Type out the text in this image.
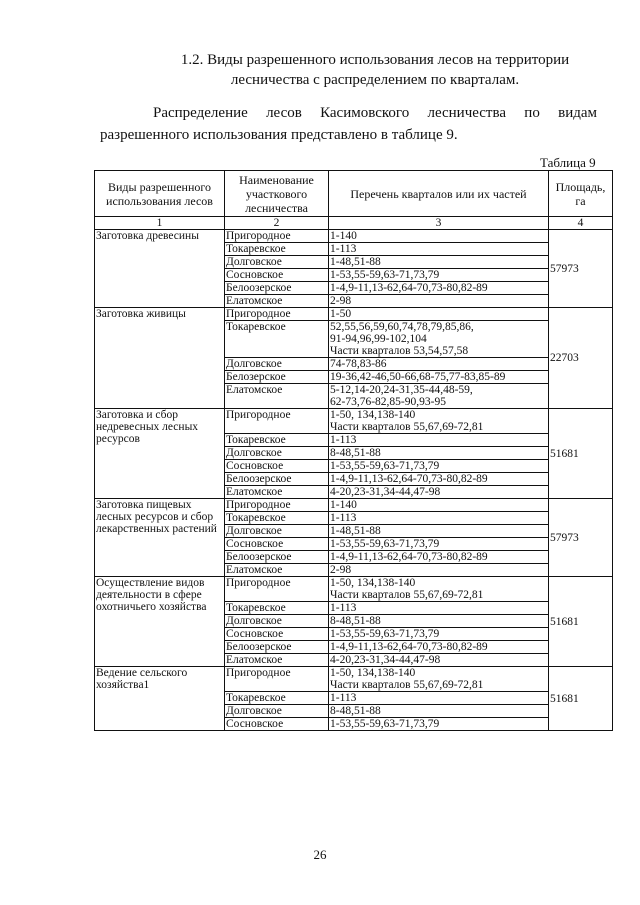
1.2. Виды разрешенного использования лесов на территории
лесничества с распределением по кварталам.
Распределение лесов Касимовского лесничества по видам
разрешенного использования представлено в таблице 9.
Таблица 9
Виды разрешенного использования лесов	Наименование участкового лесничества	Перечень кварталов или их частей	Площадь, га
1	2	3	4
Заготовка древесины	Пригородное	1-140	57973
	Токаревское	1-113	

	Долговское	1-48,51-88	

	Сосновское	1-53,55-59,63-71,73,79	

	Белоозерское	1-4,9-11,13-62,64-70,73-80,82-89	

	Елатомское	2-98	

Заготовка живицы	Пригородное	1-50	22703
	Токаревское	52,55,56,59,60,74,78,79,85,86,
91-94,96,99-102,104
Части кварталов 53,54,57,58	

	Долговское	74-78,83-86	

	Белозерское	19-36,42-46,50-66,68-75,77-83,85-89	

	Елатомское	5-12,14-20,24-31,35-44,48-59,
62-73,76-82,85-90,93-95	

Заготовка и сбор недревесных лесных ресурсов	Пригородное	1-50, 134,138-140
Части кварталов 55,67,69-72,81	51681
	Токаревское	1-113	

	Долговское	8-48,51-88	

	Сосновское	1-53,55-59,63-71,73,79	

	Белоозерское	1-4,9-11,13-62,64-70,73-80,82-89	

	Елатомское	4-20,23-31,34-44,47-98	

Заготовка пищевых лесных ресурсов и сбор лекарственных растений	Пригородное	1-140	57973
	Токаревское	1-113	

	Долговское	1-48,51-88	

	Сосновское	1-53,55-59,63-71,73,79	

	Белоозерское	1-4,9-11,13-62,64-70,73-80,82-89	

	Елатомское	2-98	

Осуществление видов деятельности в сфере охотничьего хозяйства	Пригородное	1-50, 134,138-140
Части кварталов 55,67,69-72,81	51681
	Токаревское	1-113	

	Долговское	8-48,51-88	

	Сосновское	1-53,55-59,63-71,73,79	

	Белоозерское	1-4,9-11,13-62,64-70,73-80,82-89	

	Елатомское	4-20,23-31,34-44,47-98	

Ведение сельского хозяйства1	Пригородное	1-50, 134,138-140
Части кварталов 55,67,69-72,81	51681
	Токаревское	1-113	

	Долговское	8-48,51-88	

	Сосновское	1-53,55-59,63-71,73,79	
26
